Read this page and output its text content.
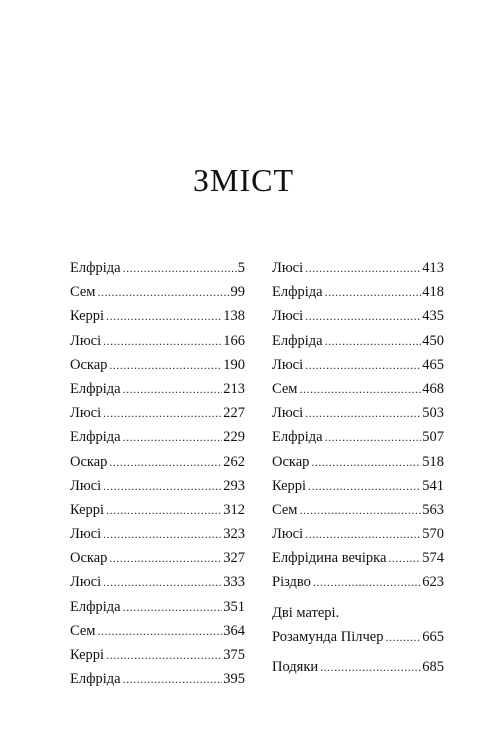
ЗМІСТ
Елфріда .....	5
Сем .....	99
Керрі .....	138
Люсі .....	166
Оскар .....	190
Елфріда .....	213
Люсі .....	227
Елфріда .....	229
Оскар .....	262
Люсі .....	293
Керрі .....	312
Люсі .....	323
Оскар .....	327
Люсі .....	333
Елфріда .....	351
Сем .....	364
Керрі .....	375
Елфріда .....	395
Люсі .....	413
Елфріда .....	418
Люсі .....	435
Елфріда .....	450
Люсі .....	465
Сем .....	468
Люсі .....	503
Елфріда .....	507
Оскар .....	518
Керрі .....	541
Сем .....	563
Люсі .....	570
Елфрідина вечірка ..... 574
Різдво .....	623
Дві матері.
Розамунда Пілчер .....	665
Подяки .....	685
